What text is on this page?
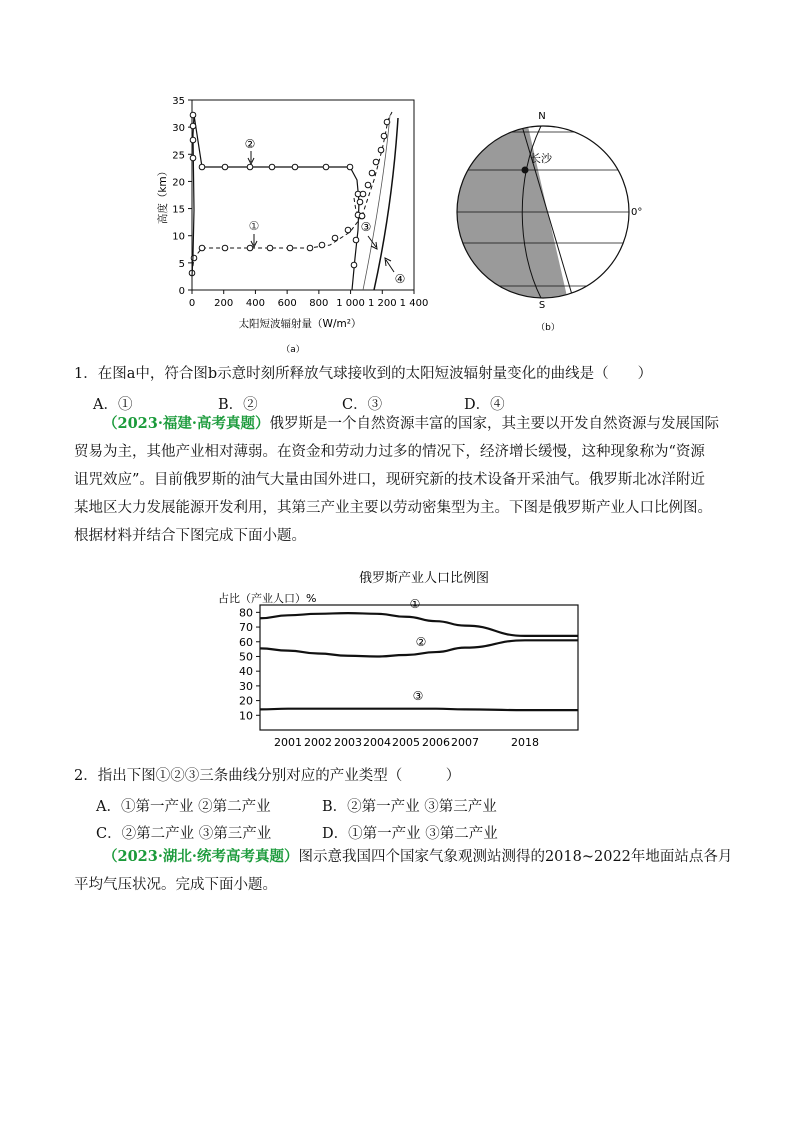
0
5
10
15
20
25
30
35
0 200 400 600 800 1 000 1 200 1 400
②
①	③
④
太阳短波辐射量（W/m²）
高度（km）
（a）
长沙
N
S
0°
（b）
1．在图a中，符合图b示意时刻所释放气球接收到的太阳短波辐射量变化的曲线是（　　）
A．①	B．②	C．③	D．④
（2023·福建·高考真题）俄罗斯是一个自然资源丰富的国家，其主要以开发自然资源与发展国际
贸易为主，其他产业相对薄弱。在资金和劳动力过多的情况下，经济增长缓慢，这种现象称为“资源
诅咒效应”。目前俄罗斯的油气大量由国外进口，现研究新的技术设备开采油气。俄罗斯北冰洋附近
某地区大力发展能源开发利用，其第三产业主要以劳动密集型为主。下图是俄罗斯产业人口比例图。
根据材料并结合下图完成下面小题。
俄罗斯产业人口比例图
占比（产业人口）%
10
20
30
40
50
60
70
80
2001 2002 2003 2004 2005 2006 2007	2018
①
②
③
2．指出下图①②③三条曲线分别对应的产业类型（　　　）
A．①第一产业 ②第二产业	B．②第一产业 ③第三产业
C．②第二产业 ③第三产业	D．①第一产业 ③第二产业
（2023·湖北·统考高考真题）图示意我国四个国家气象观测站测得的2018~2022年地面站点各月
平均气压状况。完成下面小题。
